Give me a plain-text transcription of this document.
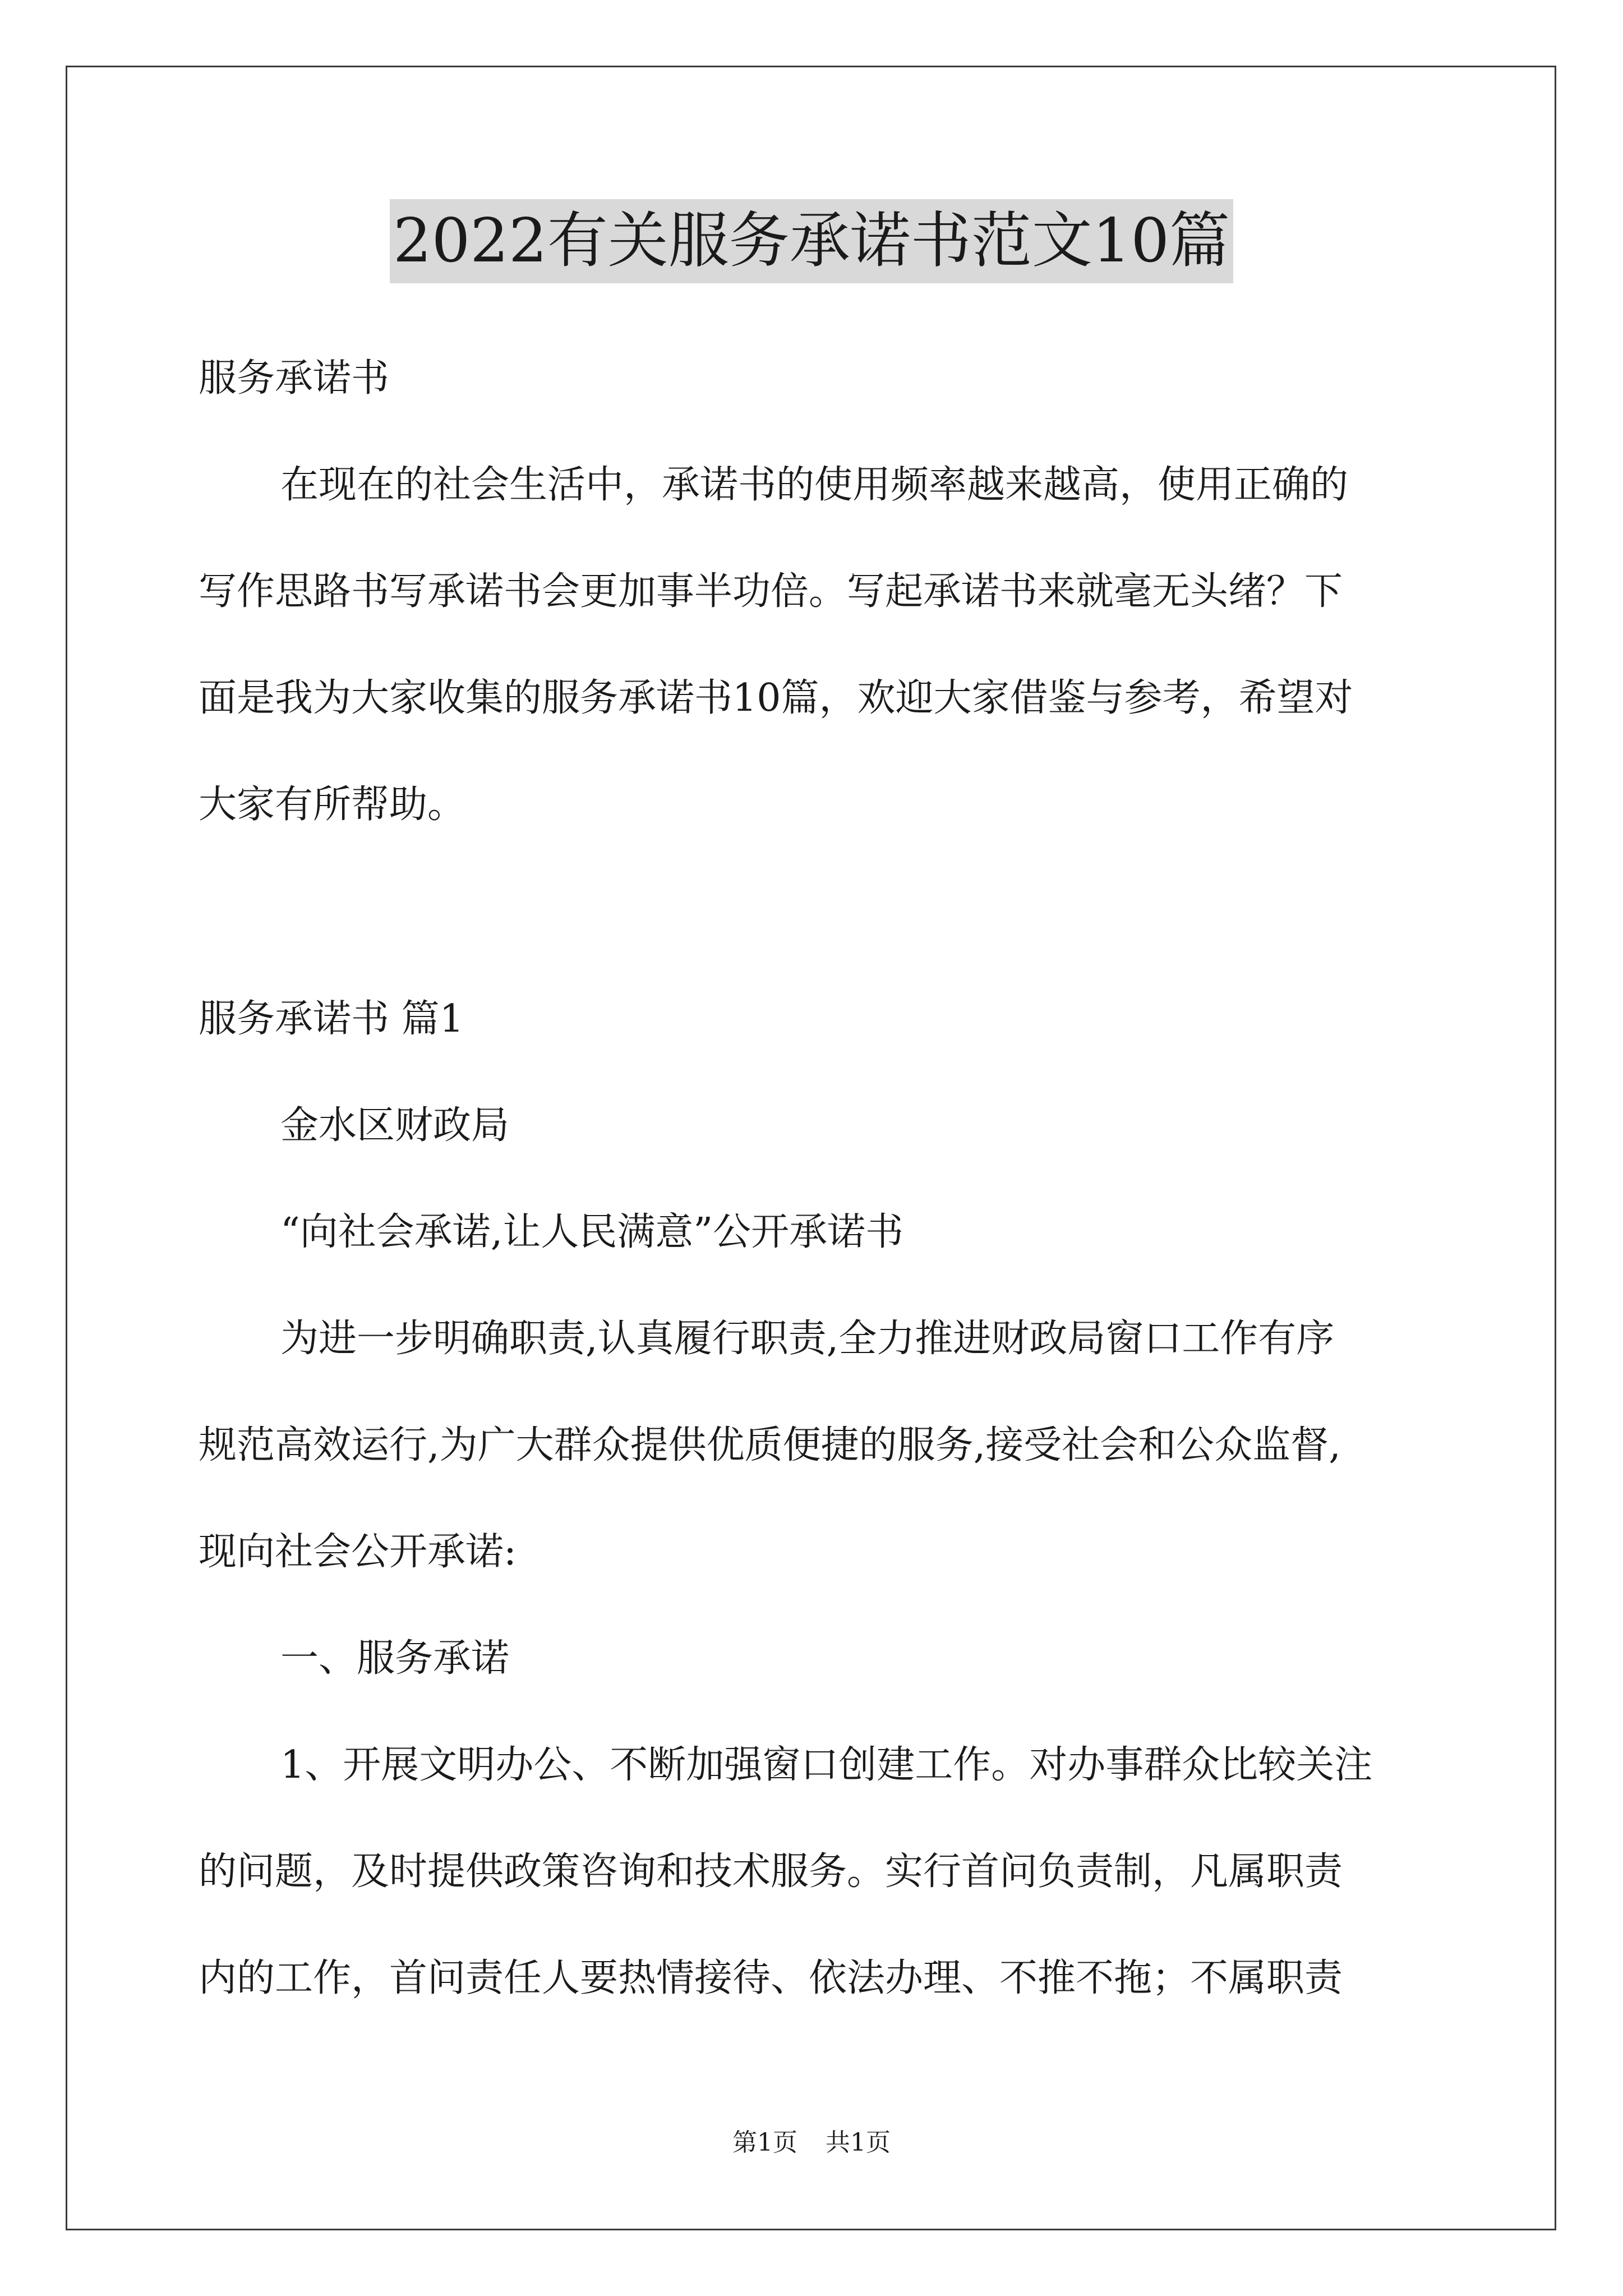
2022有关服务承诺书范文10篇
服务承诺书
在现在的社会生活中，承诺书的使用频率越来越高，使用正确的
写作思路书写承诺书会更加事半功倍。写起承诺书来就毫无头绪？下
面是我为大家收集的服务承诺书10篇，欢迎大家借鉴与参考，希望对
大家有所帮助。
服务承诺书 篇1
金水区财政局
“向社会承诺,让人民满意”公开承诺书
为进一步明确职责,认真履行职责,全力推进财政局窗口工作有序
规范高效运行,为广大群众提供优质便捷的服务,接受社会和公众监督,
现向社会公开承诺:
一、服务承诺
1、开展文明办公、不断加强窗口创建工作。对办事群众比较关注
的问题，及时提供政策咨询和技术服务。实行首问负责制，凡属职责
内的工作，首问责任人要热情接待、依法办理、不推不拖；不属职责
第1页 共1页
